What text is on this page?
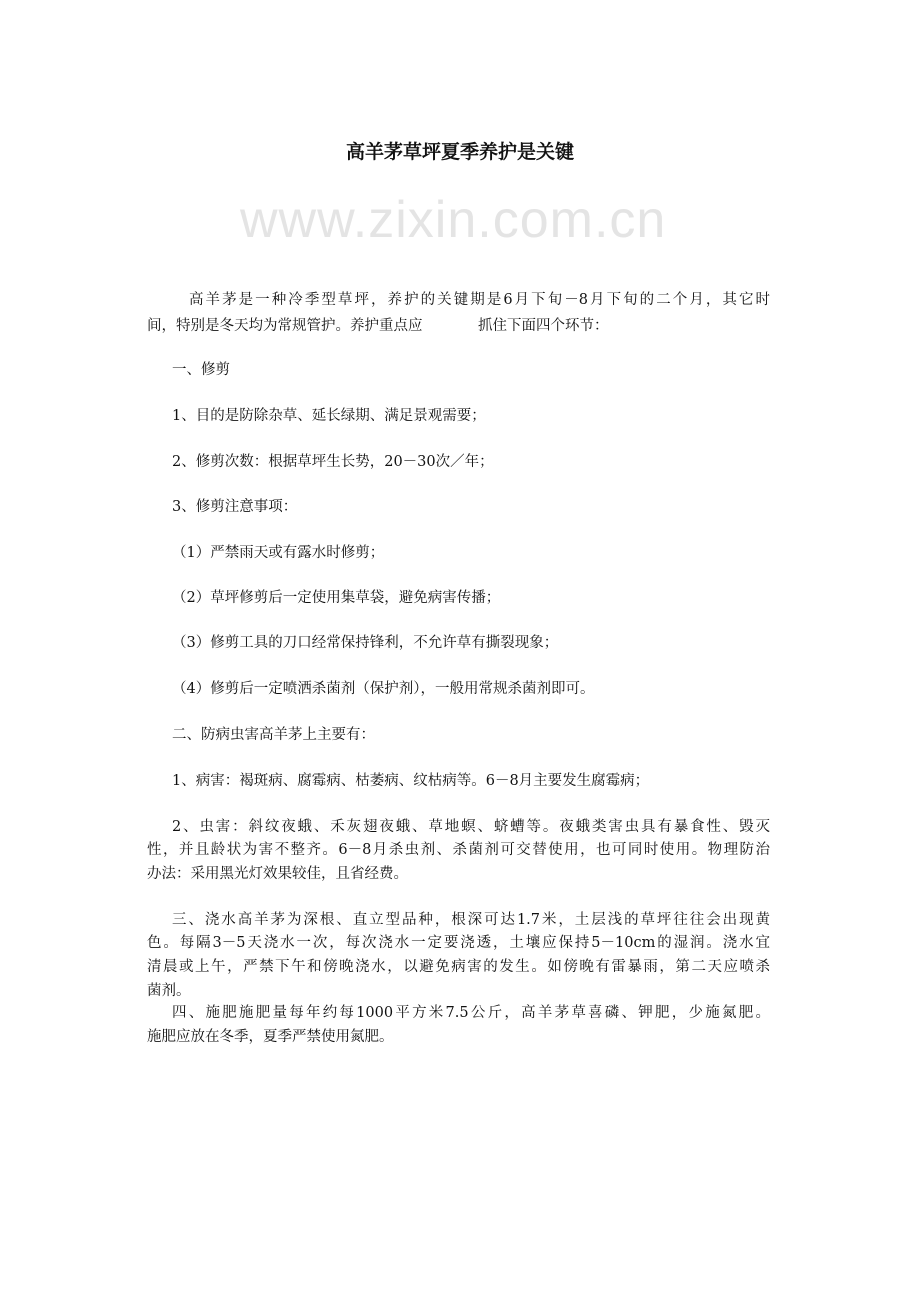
www.zixin.com.cn
高羊茅草坪夏季养护是关键
高羊茅是一种冷季型草坪，养护的关键期是6月下旬－8月下旬的二个月，其它时
间，特别是冬天均为常规管护。养护重点应	抓住下面四个环节：
一、修剪
1、目的是防除杂草、延长绿期、满足景观需要；
2、修剪次数：根据草坪生长势，20－30次／年；
3、修剪注意事项：
（1）严禁雨天或有露水时修剪；
（2）草坪修剪后一定使用集草袋，避免病害传播；
（3）修剪工具的刀口经常保持锋利，不允许草有撕裂现象；
（4）修剪后一定喷洒杀菌剂（保护剂），一般用常规杀菌剂即可。
二、防病虫害高羊茅上主要有：
1、病害：褐斑病、腐霉病、枯萎病、纹枯病等。6－8月主要发生腐霉病；
2、虫害：斜纹夜蛾、禾灰翅夜蛾、草地螟、蛴螬等。夜蛾类害虫具有暴食性、毁灭
性，并且龄状为害不整齐。6－8月杀虫剂、杀菌剂可交替使用，也可同时使用。物理防治
办法：采用黑光灯效果较佳，且省经费。
三、浇水高羊茅为深根、直立型品种，根深可达1.7米，土层浅的草坪往往会出现黄
色。每隔3－5天浇水一次，每次浇水一定要浇透，土壤应保持5－10cm的湿润。浇水宜
清晨或上午，严禁下午和傍晚浇水，以避免病害的发生。如傍晚有雷暴雨，第二天应喷杀
菌剂。
四、施肥施肥量每年约每1000平方米7.5公斤，高羊茅草喜磷、钾肥，少施氮肥。
施肥应放在冬季，夏季严禁使用氮肥。
